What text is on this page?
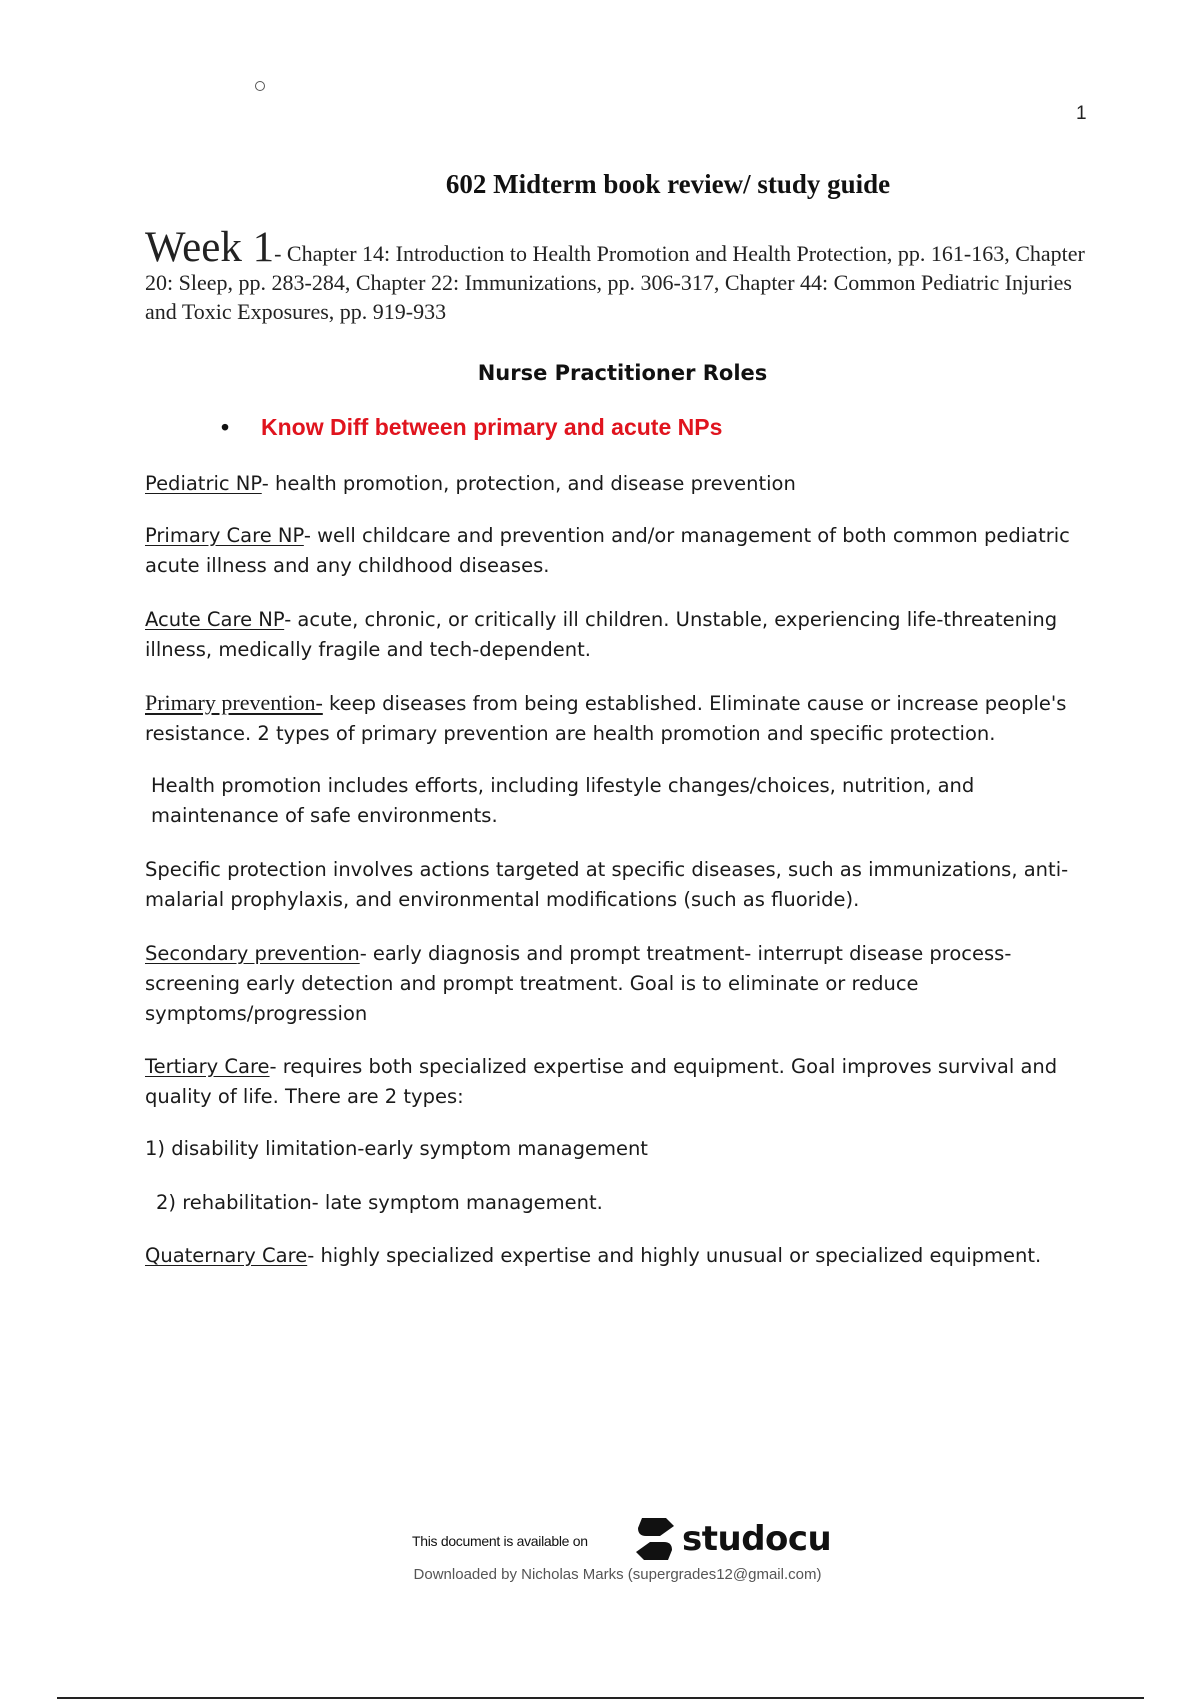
1
602 Midterm book review/ study guide
Week 1- Chapter 14: Introduction to Health Promotion and Health Protection, pp. 161-163, Chapter 20: Sleep, pp. 283-284, Chapter 22: Immunizations, pp. 306-317, Chapter 44: Common Pediatric Injuries and Toxic Exposures, pp. 919-933
Nurse Practitioner Roles
• Know Diff between primary and acute NPs
Pediatric NP- health promotion, protection, and disease prevention
Primary Care NP- well childcare and prevention and/or management of both common pediatric acute illness and any childhood diseases.
Acute Care NP- acute, chronic, or critically ill children. Unstable, experiencing life-threatening illness, medically fragile and tech-dependent.
Primary prevention- keep diseases from being established. Eliminate cause or increase people's resistance. 2 types of primary prevention are health promotion and specific protection.
Health promotion includes efforts, including lifestyle changes/choices, nutrition, and maintenance of safe environments.
Specific protection involves actions targeted at specific diseases, such as immunizations, anti-malarial prophylaxis, and environmental modifications (such as fluoride).
Secondary prevention- early diagnosis and prompt treatment- interrupt disease process- screening early detection and prompt treatment. Goal is to eliminate or reduce symptoms/progression
Tertiary Care- requires both specialized expertise and equipment. Goal improves survival and quality of life. There are 2 types:
1) disability limitation-early symptom management
2) rehabilitation- late symptom management.
Quaternary Care- highly specialized expertise and highly unusual or specialized equipment.
This document is available on	studocu
Downloaded by Nicholas Marks (supergrades12@gmail.com)
